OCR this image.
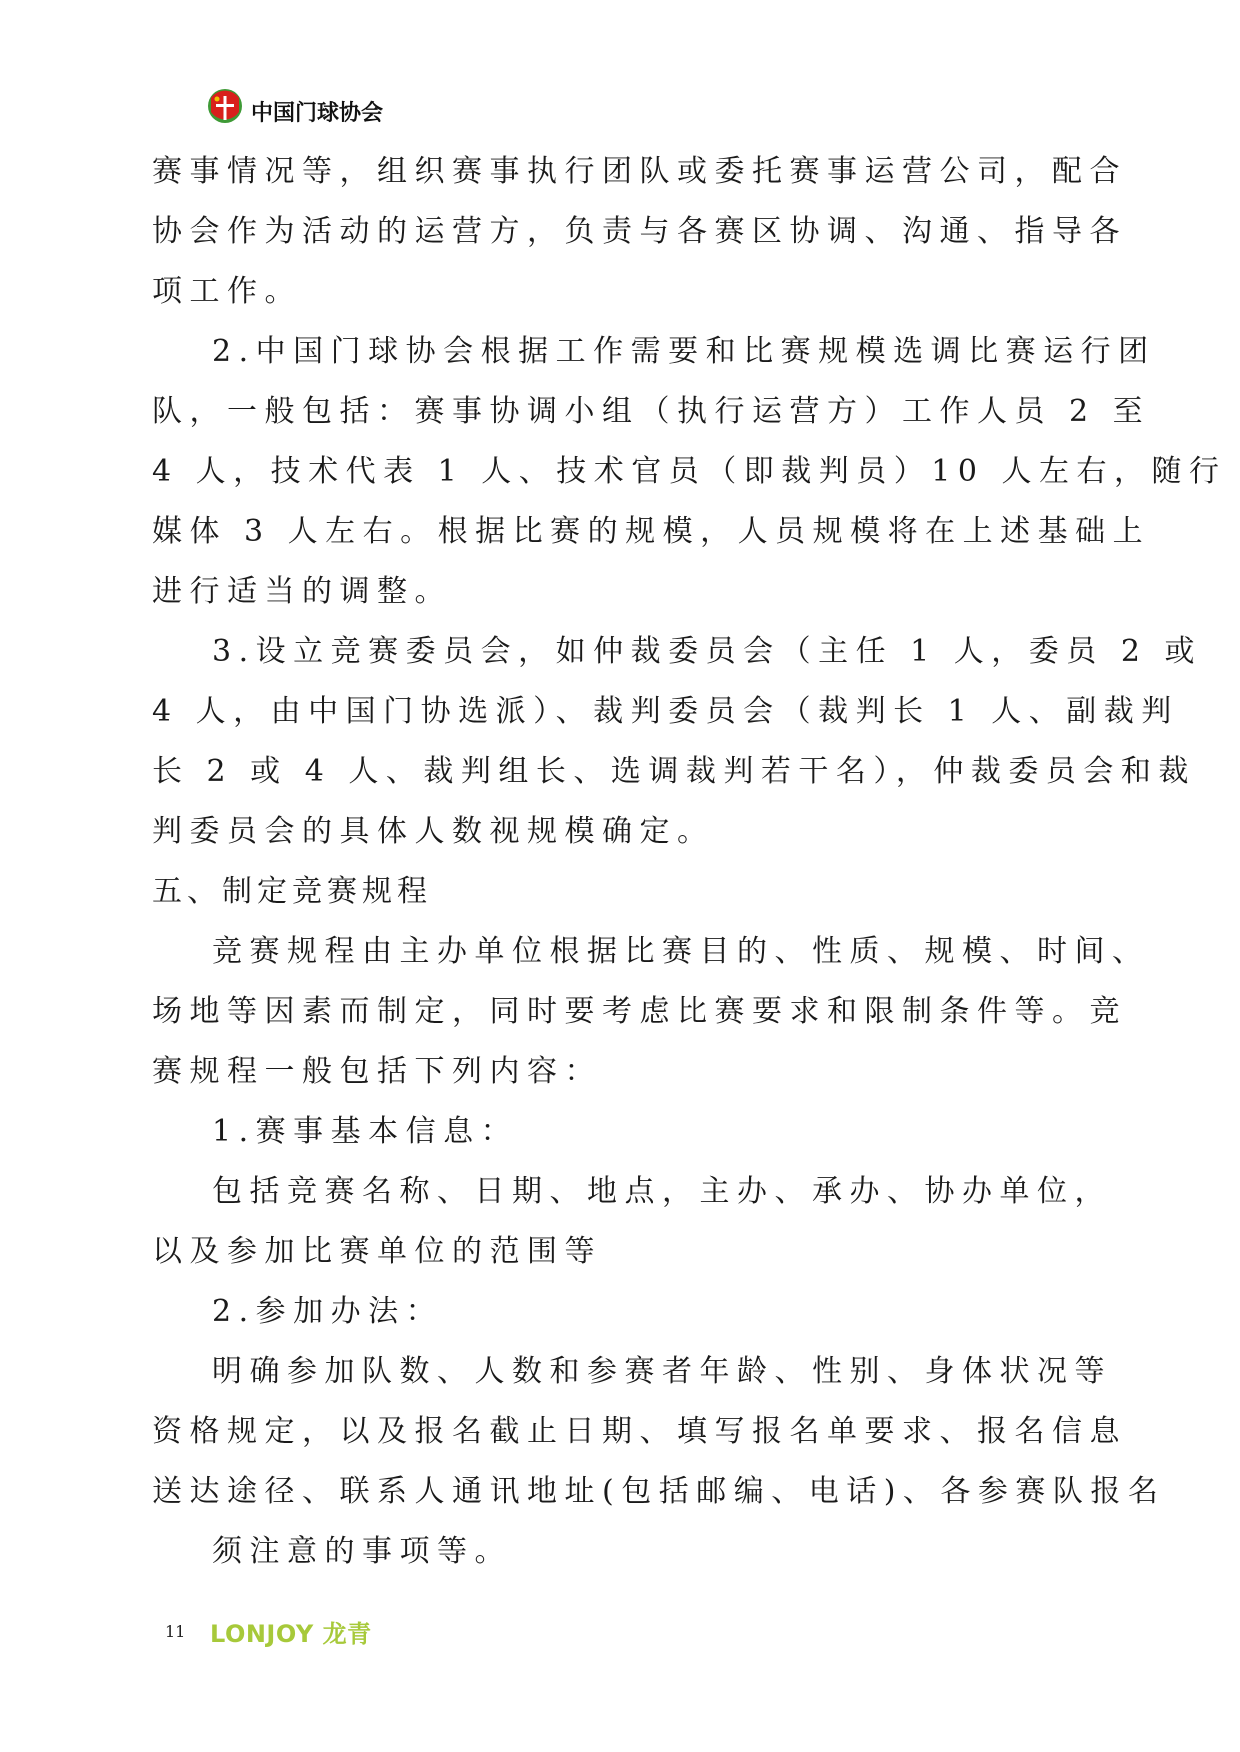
中国门球协会
赛事情况等，组织赛事执行团队或委托赛事运营公司，配合
协会作为活动的运营方，负责与各赛区协调、沟通、指导各
项工作。
2.中国门球协会根据工作需要和比赛规模选调比赛运行团
队，一般包括：赛事协调小组（执行运营方）工作人员 2 至
4 人，技术代表 1 人、技术官员（即裁判员）10 人左右，随行
媒体 3 人左右。根据比赛的规模，人员规模将在上述基础上
进行适当的调整。
3.设立竞赛委员会，如仲裁委员会（主任 1 人，委员 2 或
4 人，由中国门协选派）、裁判委员会（裁判长 1 人、副裁判
长 2 或 4 人、裁判组长、选调裁判若干名），仲裁委员会和裁
判委员会的具体人数视规模确定。
五、制定竞赛规程
竞赛规程由主办单位根据比赛目的、性质、规模、时间、
场地等因素而制定，同时要考虑比赛要求和限制条件等。竞
赛规程一般包括下列内容：
1.赛事基本信息：
包括竞赛名称、日期、地点，主办、承办、协办单位，
以及参加比赛单位的范围等
2.参加办法：
明确参加队数、人数和参赛者年龄、性别、身体状况等
资格规定，以及报名截止日期、填写报名单要求、报名信息
送达途径、联系人通讯地址(包括邮编、电话)、各参赛队报名
须注意的事项等。
11 LONJOY 龙青
